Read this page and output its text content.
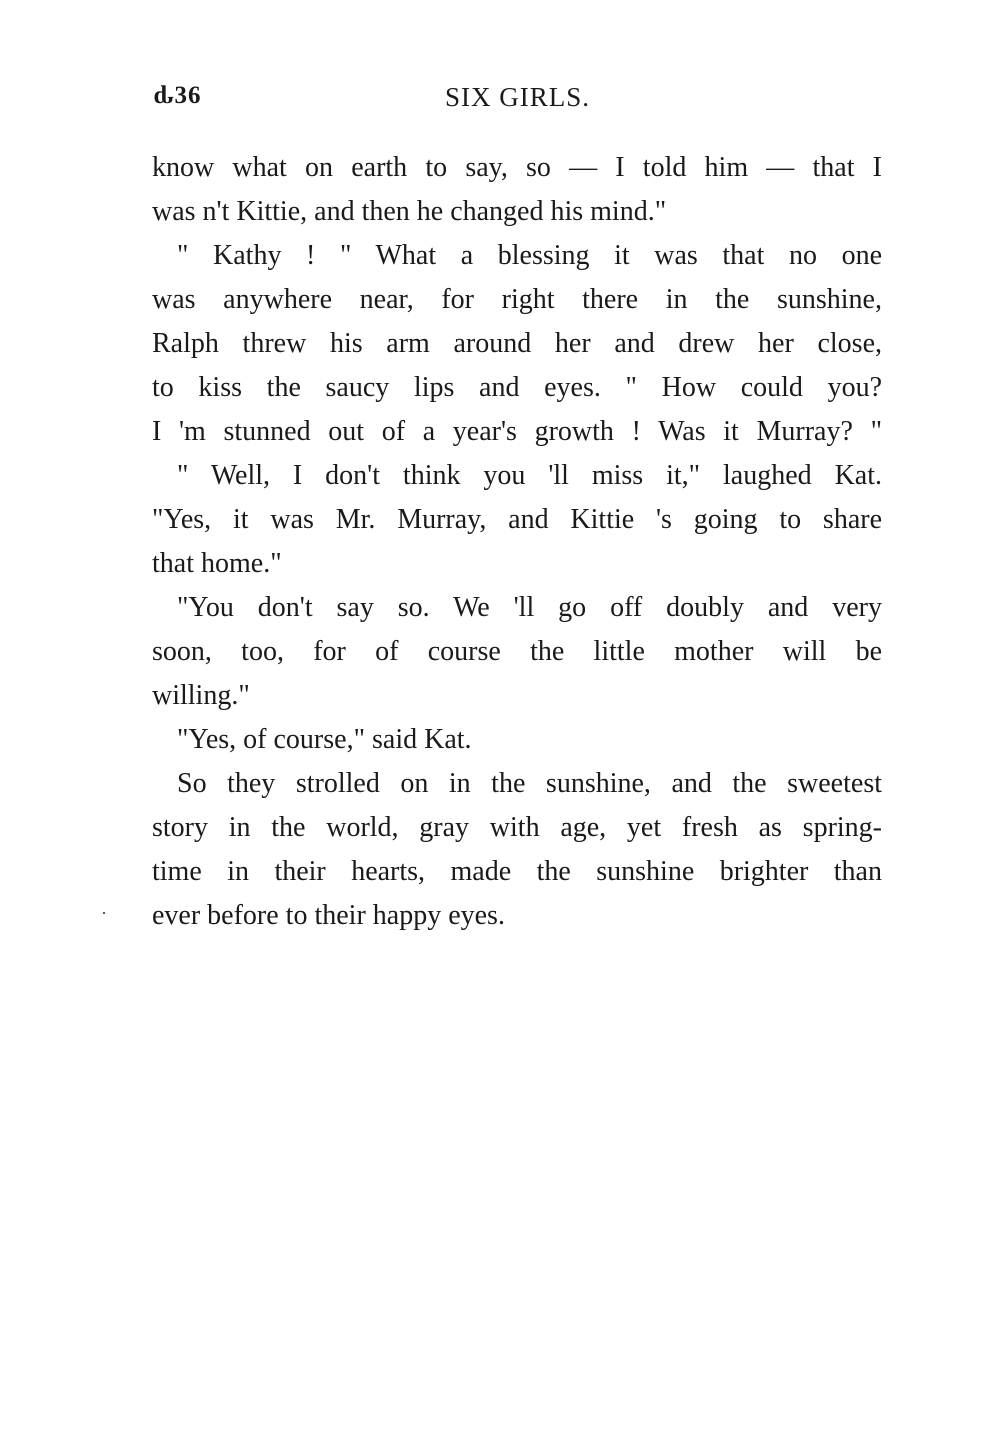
ԃ36	SIX GIRLS.
know what on earth to say, so — I told him — that I
was n't Kittie, and then he changed his mind."
" Kathy ! " What a blessing it was that no one
was anywhere near, for right there in the sunshine,
Ralph threw his arm around her and drew her close,
to kiss the saucy lips and eyes. " How could you?
I 'm stunned out of a year's growth ! Was it Murray? "
" Well, I don't think you 'll miss it," laughed Kat.
"Yes, it was Mr. Murray, and Kittie 's going to share
that home."
"You don't say so. We 'll go off doubly and very
soon, too, for of course the little mother will be
willing."
"Yes, of course," said Kat.
So they strolled on in the sunshine, and the sweetest
story in the world, gray with age, yet fresh as spring-
time in their hearts, made the sunshine brighter than
ever before to their happy eyes.
